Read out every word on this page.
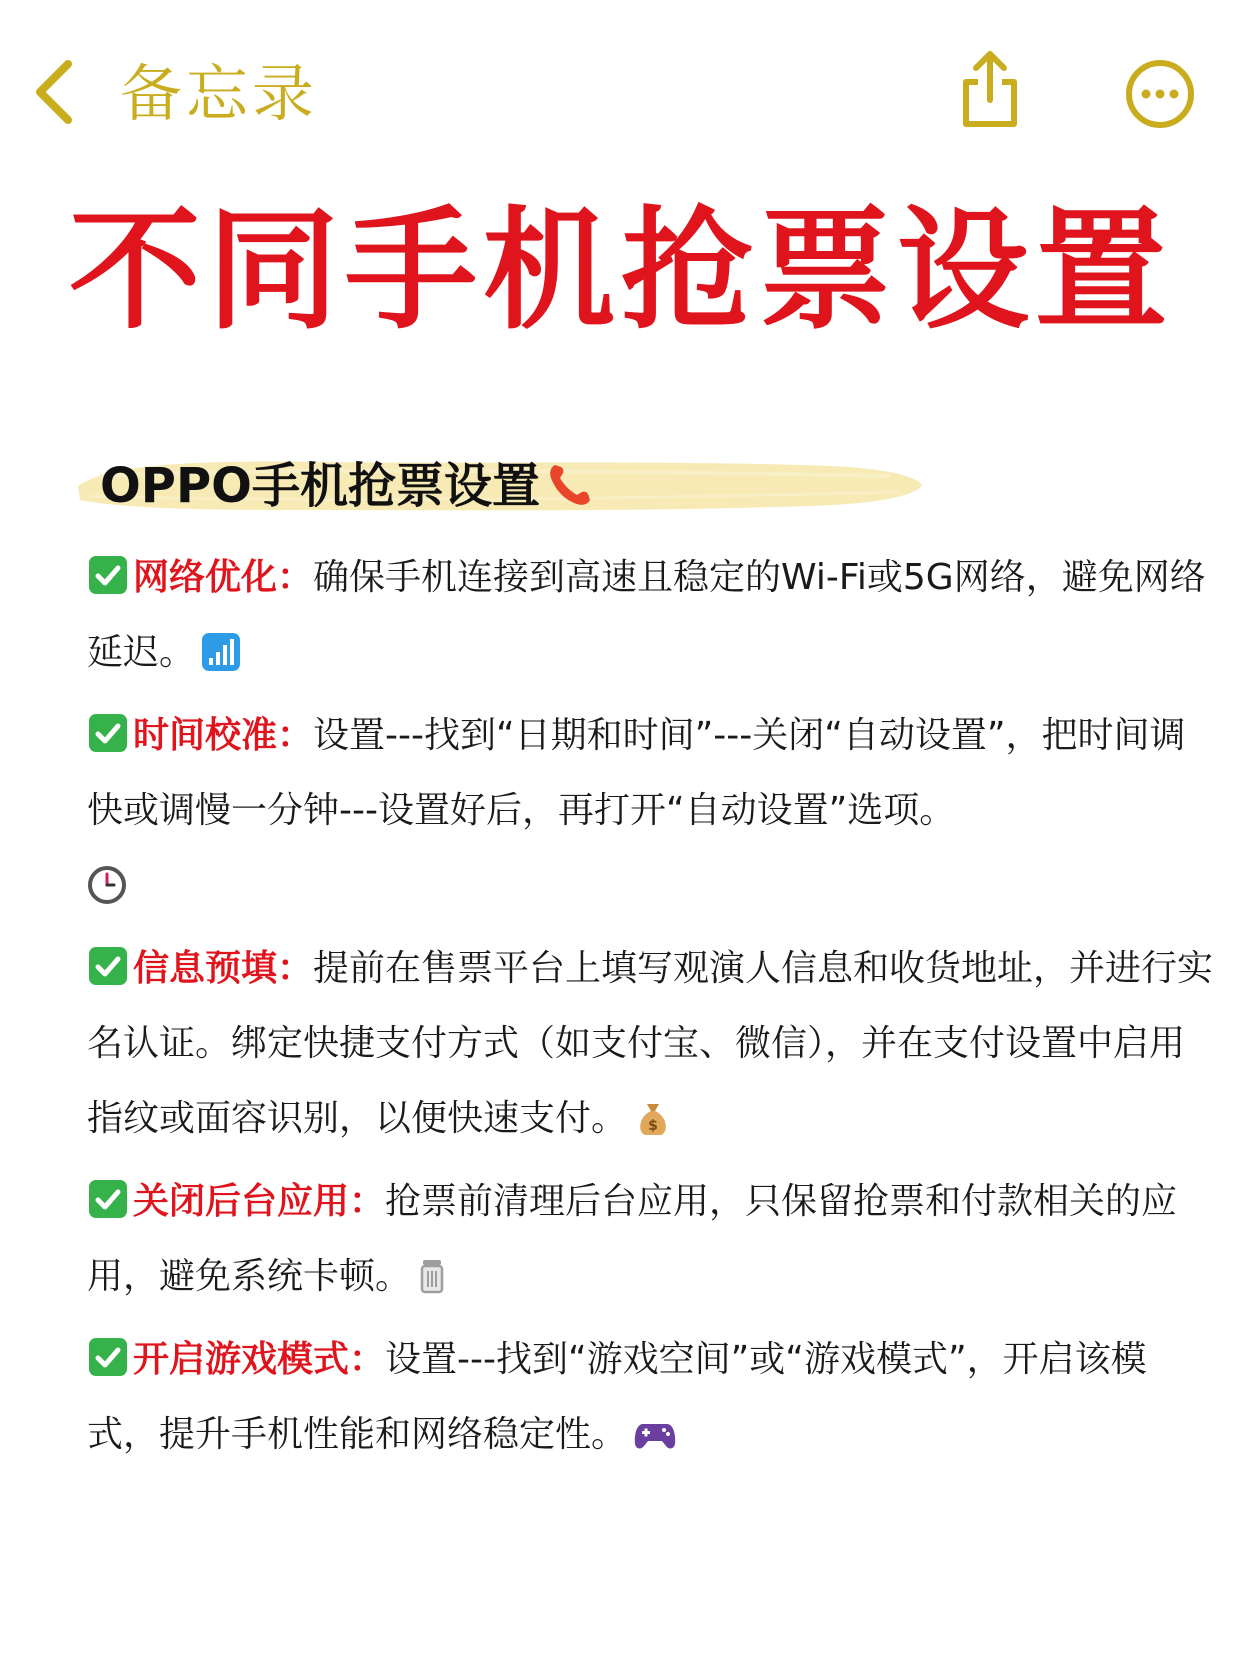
备忘录
不同手机抢票设置
OPPO手机抢票设置

网络优化：确保手机连接到高速且稳定的Wi-Fi或5G网络，避免网络延迟。

时间校准：设置---找到“日期和时间”---关闭“自动设置”，把时间调快或调慢一分钟---设置好后，再打开“自动设置”选项。

信息预填：提前在售票平台上填写观演人信息和收货地址，并进行实名认证。绑定快捷支付方式（如支付宝、微信），并在支付设置中启用指纹或面容识别，以便快速支付。 $

关闭后台应用：抢票前清理后台应用，只保留抢票和付款相关的应用，避免系统卡顿。

开启游戏模式：设置---找到“游戏空间”或“游戏模式”，开启该模式，提升手机性能和网络稳定性。
